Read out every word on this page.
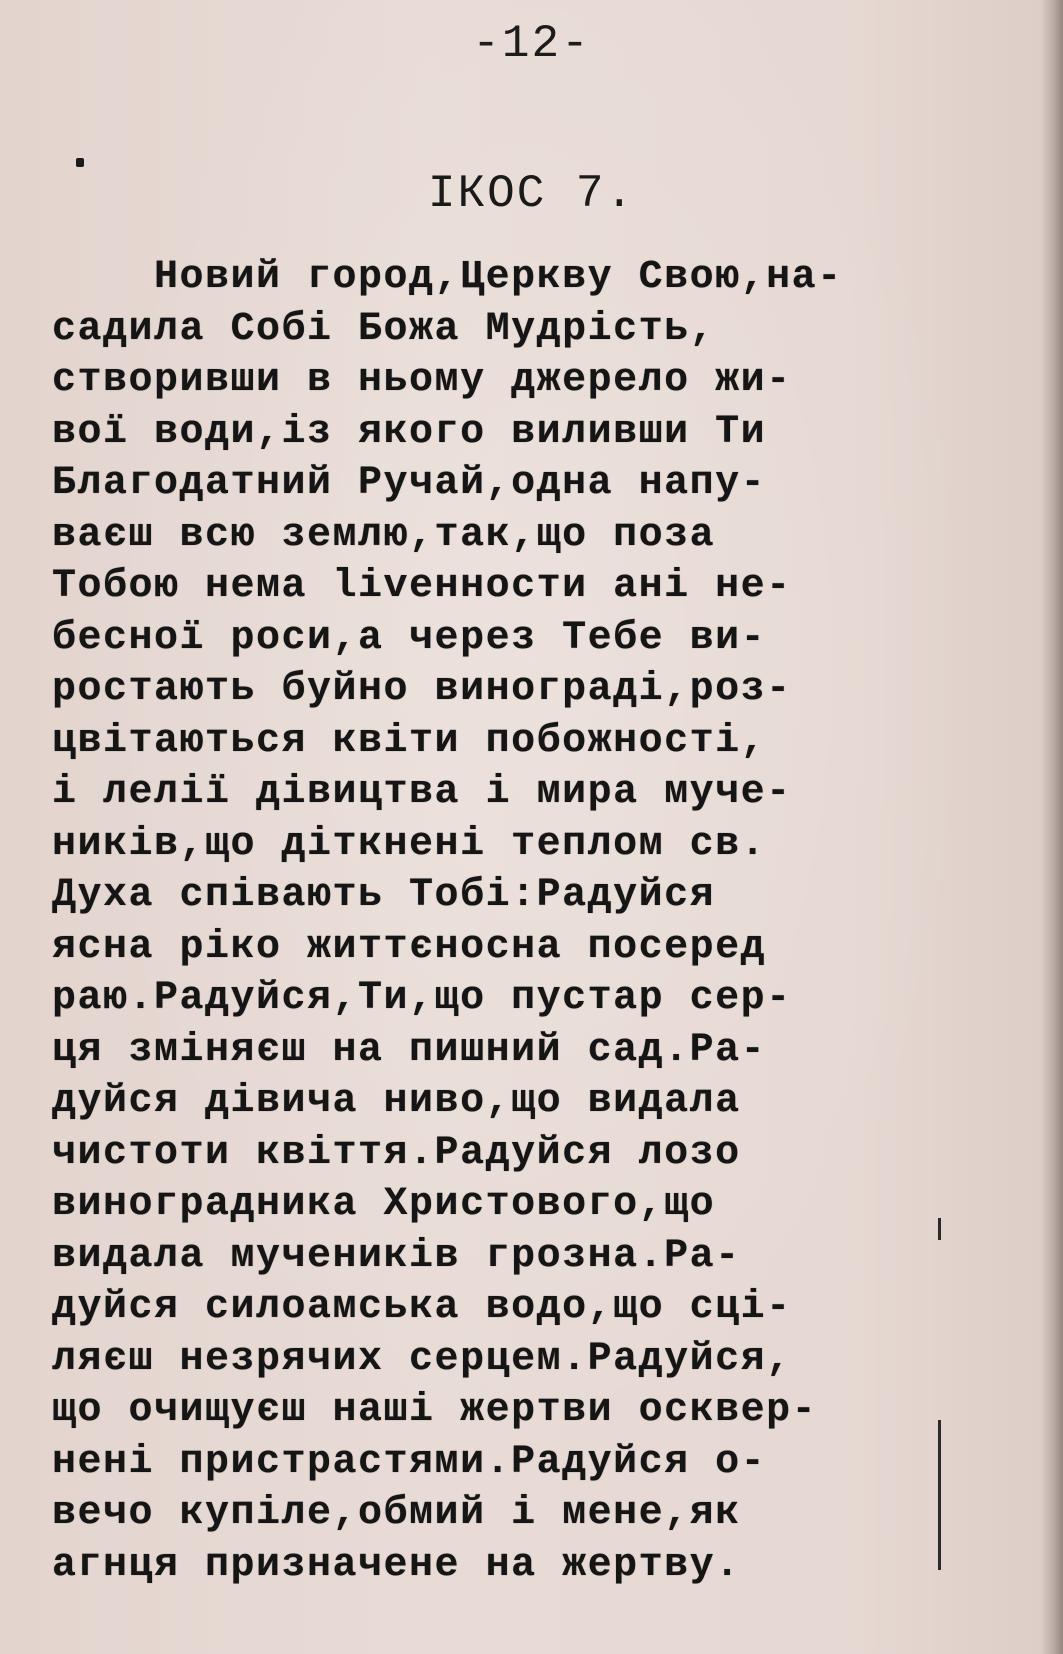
-12-
ІКОС 7.
Новий город,Церкву Свою,на-
садила Собі Божа Мудрість,
створивши в ньому джерело жи-
вої води,із якого виливши Ти
Благодатний Ручай,одна напу-
ваєш всю землю,так,що поза
Тобою нема livенности ані не-
бесної роси,а через Тебе ви-
ростають буйно винограді,роз-
цвітаються квіти побожності,
і лелії дівицтва і мира муче-
ників,що діткнені теплом св.
Духа співають Тобі:Радуйся
ясна ріко життєносна посеред
раю.Радуйся,Ти,що пустар сер-
ця зміняєш на пишний сад.Ра-
дуйся дівича ниво,що видала
чистоти квіття.Радуйся лозо
виноградника Христового,що
видала мучеників грозна.Ра-
дуйся силоамська водо,що сці-
ляєш незрячих серцем.Радуйся,
що очищуєш наші жертви осквер-
нені пристрастями.Радуйся о-
вечо купіле,обмий і мене,як
агнця призначене на жертву.
